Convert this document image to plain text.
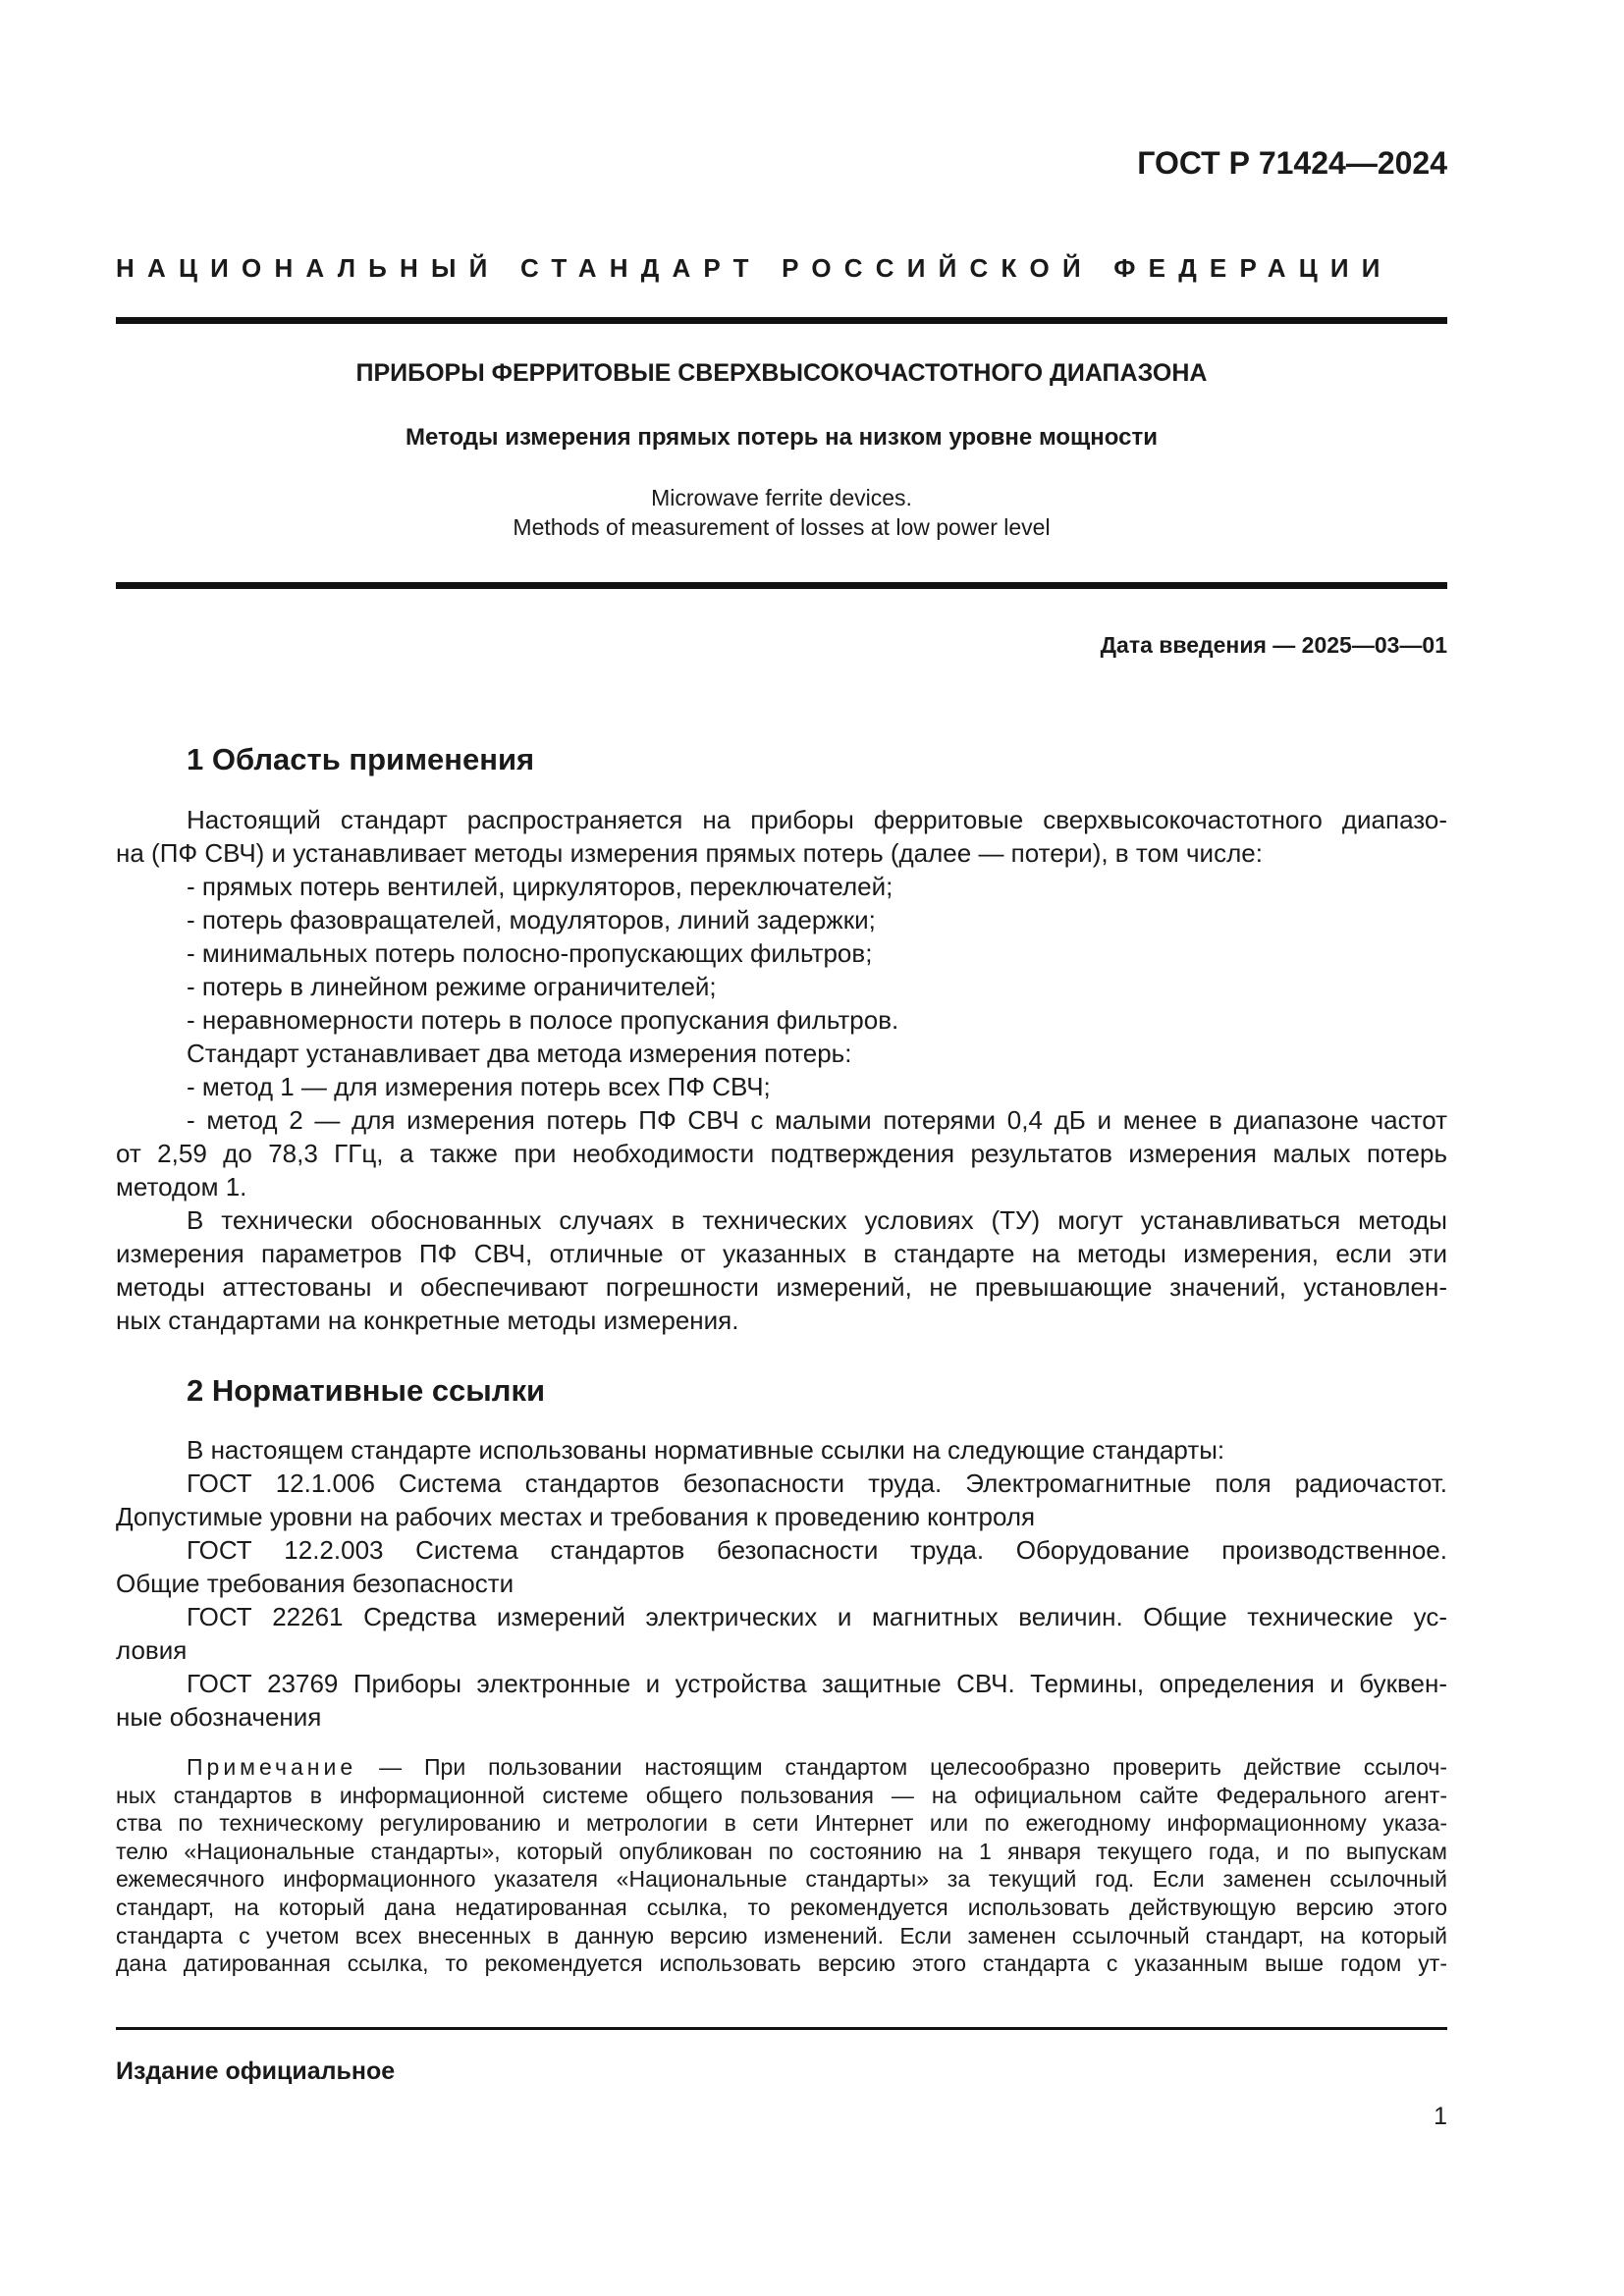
ГОСТ Р 71424—2024
НАЦИОНАЛЬНЫЙ СТАНДАРТ РОССИЙСКОЙ ФЕДЕРАЦИИ
ПРИБОРЫ ФЕРРИТОВЫЕ СВЕРХВЫСОКОЧАСТОТНОГО ДИАПАЗОНА
Методы измерения прямых потерь на низком уровне мощности
Microwave ferrite devices.
Methods of measurement of losses at low power level
Дата введения — 2025—03—01
1 Область применения
Настоящий стандарт распространяется на приборы ферритовые сверхвысокочастотного диапазо-
на (ПФ СВЧ) и устанавливает методы измерения прямых потерь (далее — потери), в том числе:
- прямых потерь вентилей, циркуляторов, переключателей;
- потерь фазовращателей, модуляторов, линий задержки;
- минимальных потерь полосно-пропускающих фильтров;
- потерь в линейном режиме ограничителей;
- неравномерности потерь в полосе пропускания фильтров.
Стандарт устанавливает два метода измерения потерь:
- метод 1 — для измерения потерь всех ПФ СВЧ;
- метод 2 — для измерения потерь ПФ СВЧ с малыми потерями 0,4 дБ и менее в диапазоне частот
от 2,59 до 78,3 ГГц, а также при необходимости подтверждения результатов измерения малых потерь
методом 1.
В технически обоснованных случаях в технических условиях (ТУ) могут устанавливаться методы
измерения параметров ПФ СВЧ, отличные от указанных в стандарте на методы измерения, если эти
методы аттестованы и обеспечивают погрешности измерений, не превышающие значений, установлен-
ных стандартами на конкретные методы измерения.
2 Нормативные ссылки
В настоящем стандарте использованы нормативные ссылки на следующие стандарты:
ГОСТ 12.1.006 Система стандартов безопасности труда. Электромагнитные поля радиочастот.
Допустимые уровни на рабочих местах и требования к проведению контроля
ГОСТ 12.2.003 Система стандартов безопасности труда. Оборудование производственное.
Общие требования безопасности
ГОСТ 22261 Средства измерений электрических и магнитных величин. Общие технические ус-
ловия
ГОСТ 23769 Приборы электронные и устройства защитные СВЧ. Термины, определения и буквен-
ные обозначения
Примечание — При пользовании настоящим стандартом целесообразно проверить действие ссылоч-
ных стандартов в информационной системе общего пользования — на официальном сайте Федерального агент-
ства по техническому регулированию и метрологии в сети Интернет или по ежегодному информационному указа-
телю «Национальные стандарты», который опубликован по состоянию на 1 января текущего года, и по выпускам
ежемесячного информационного указателя «Национальные стандарты» за текущий год. Если заменен ссылочный
стандарт, на который дана недатированная ссылка, то рекомендуется использовать действующую версию этого
стандарта с учетом всех внесенных в данную версию изменений. Если заменен ссылочный стандарт, на который
дана датированная ссылка, то рекомендуется использовать версию этого стандарта с указанным выше годом ут-
Издание официальное
1
